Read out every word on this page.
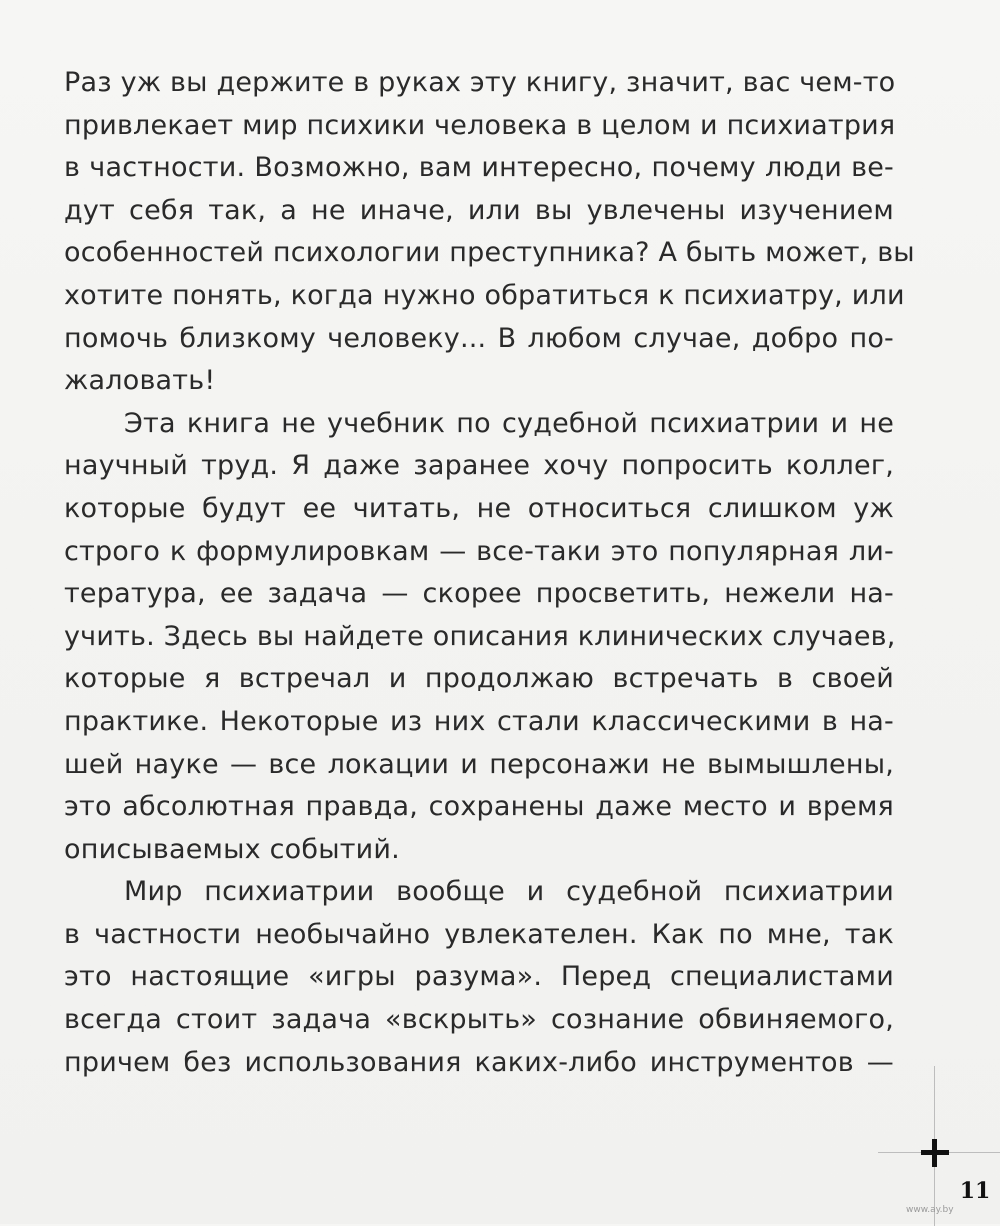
Раз уж вы держите в руках эту книгу, значит, вас чем-то
привлекает мир психики человека в целом и психиатрия
в частности. Возможно, вам интересно, почему люди ве-
дут себя так, а не иначе, или вы увлечены изучением
особенностей психологии преступника? А быть может, вы
хотите понять, когда нужно обратиться к психиатру, или
помочь близкому человеку... В любом случае, добро по-
жаловать!
Эта книга не учебник по судебной психиатрии и не
научный труд. Я даже заранее хочу попросить коллег,
которые будут ее читать, не относиться слишком уж
строго к формулировкам — все-таки это популярная ли-
тература, ее задача — скорее просветить, нежели на-
учить. Здесь вы найдете описания клинических случаев,
которые я встречал и продолжаю встречать в своей
практике. Некоторые из них стали классическими в на-
шей науке — все локации и персонажи не вымышлены,
это абсолютная правда, сохранены даже место и время
описываемых событий.
Мир психиатрии вообще и судебной психиатрии
в частности необычайно увлекателен. Как по мне, так
это настоящие «игры разума». Перед специалистами
всегда стоит задача «вскрыть» сознание обвиняемого,
причем без использования каких-либо инструментов —
11
www.ay.by
